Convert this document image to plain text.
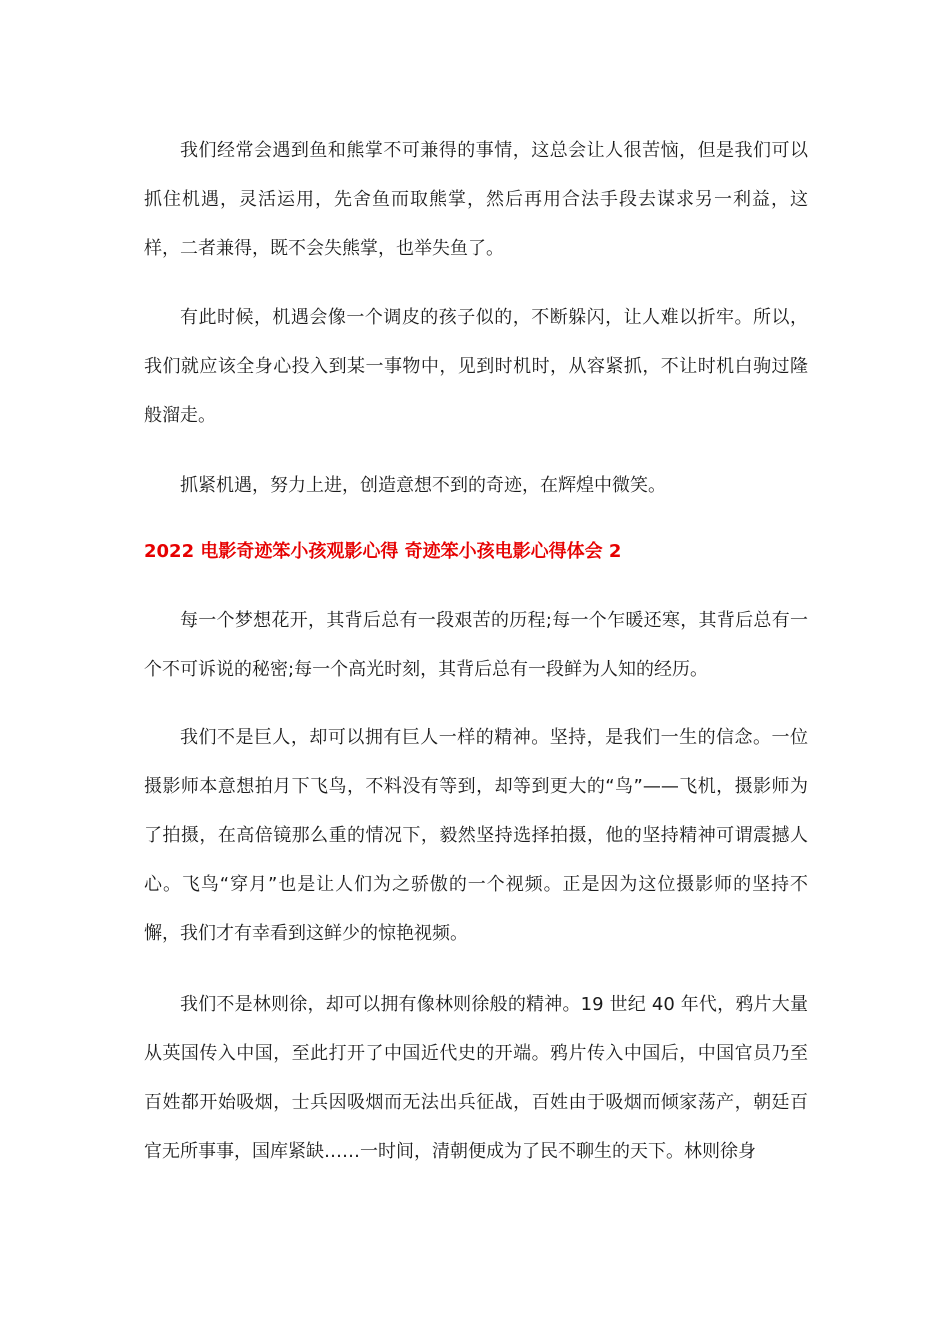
我们经常会遇到鱼和熊掌不可兼得的事情，这总会让人很苦恼，但是我们可以抓住机遇，灵活运用，先舍鱼而取熊掌，然后再用合法手段去谋求另一利益，这样，二者兼得，既不会失熊掌，也举失鱼了。

有此时候，机遇会像一个调皮的孩子似的，不断躲闪，让人难以折牢。所以，我们就应该全身心投入到某一事物中，见到时机时，从容紧抓，不让时机白驹过隆般溜走。

抓紧机遇，努力上进，创造意想不到的奇迹，在辉煌中微笑。

2022 电影奇迹笨小孩观影心得 奇迹笨小孩电影心得体会 2

每一个梦想花开，其背后总有一段艰苦的历程;每一个乍暖还寒，其背后总有一个不可诉说的秘密;每一个高光时刻，其背后总有一段鲜为人知的经历。

我们不是巨人，却可以拥有巨人一样的精神。坚持，是我们一生的信念。一位摄影师本意想拍月下飞鸟，不料没有等到，却等到更大的“鸟”——飞机，摄影师为了拍摄，在高倍镜那么重的情况下，毅然坚持选择拍摄，他的坚持精神可谓震撼人心。飞鸟“穿月”也是让人们为之骄傲的一个视频。正是因为这位摄影师的坚持不懈，我们才有幸看到这鲜少的惊艳视频。

我们不是林则徐，却可以拥有像林则徐般的精神。19 世纪 40 年代，鸦片大量从英国传入中国，至此打开了中国近代史的开端。鸦片传入中国后，中国官员乃至百姓都开始吸烟，士兵因吸烟而无法出兵征战，百姓由于吸烟而倾家荡产，朝廷百官无所事事，国库紧缺……一时间，清朝便成为了民不聊生的天下。林则徐身
